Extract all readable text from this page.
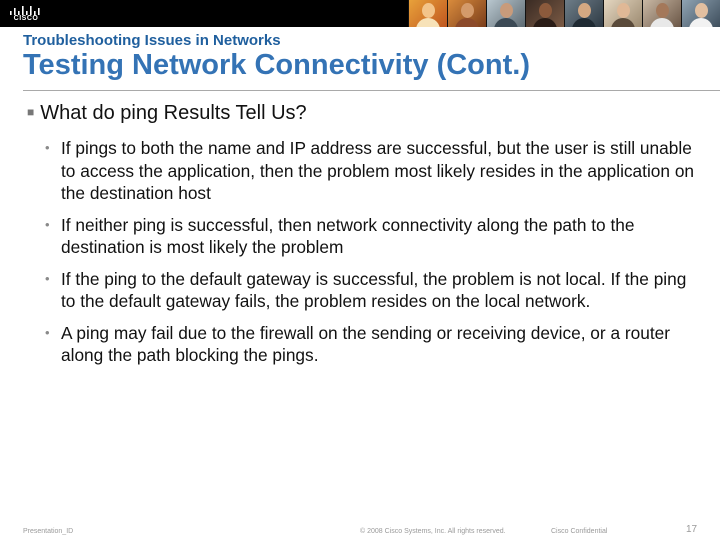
CISCO
Troubleshooting Issues in Networks
Testing Network Connectivity (Cont.)
■ What do ping Results Tell Us?
• If pings to both the name and IP address are successful, but the user is still unable to access the application, then the problem most likely resides in the application on the destination host
• If neither ping is successful, then network connectivity along the path to the destination is most likely the problem
• If the ping to the default gateway is successful, the problem is not local. If the ping to the default gateway fails, the problem resides on the local network.
• A ping may fail due to the firewall on the sending or receiving device, or a router along the path blocking the pings.
Presentation_ID	© 2008 Cisco Systems, Inc. All rights reserved.	Cisco Confidential	17
